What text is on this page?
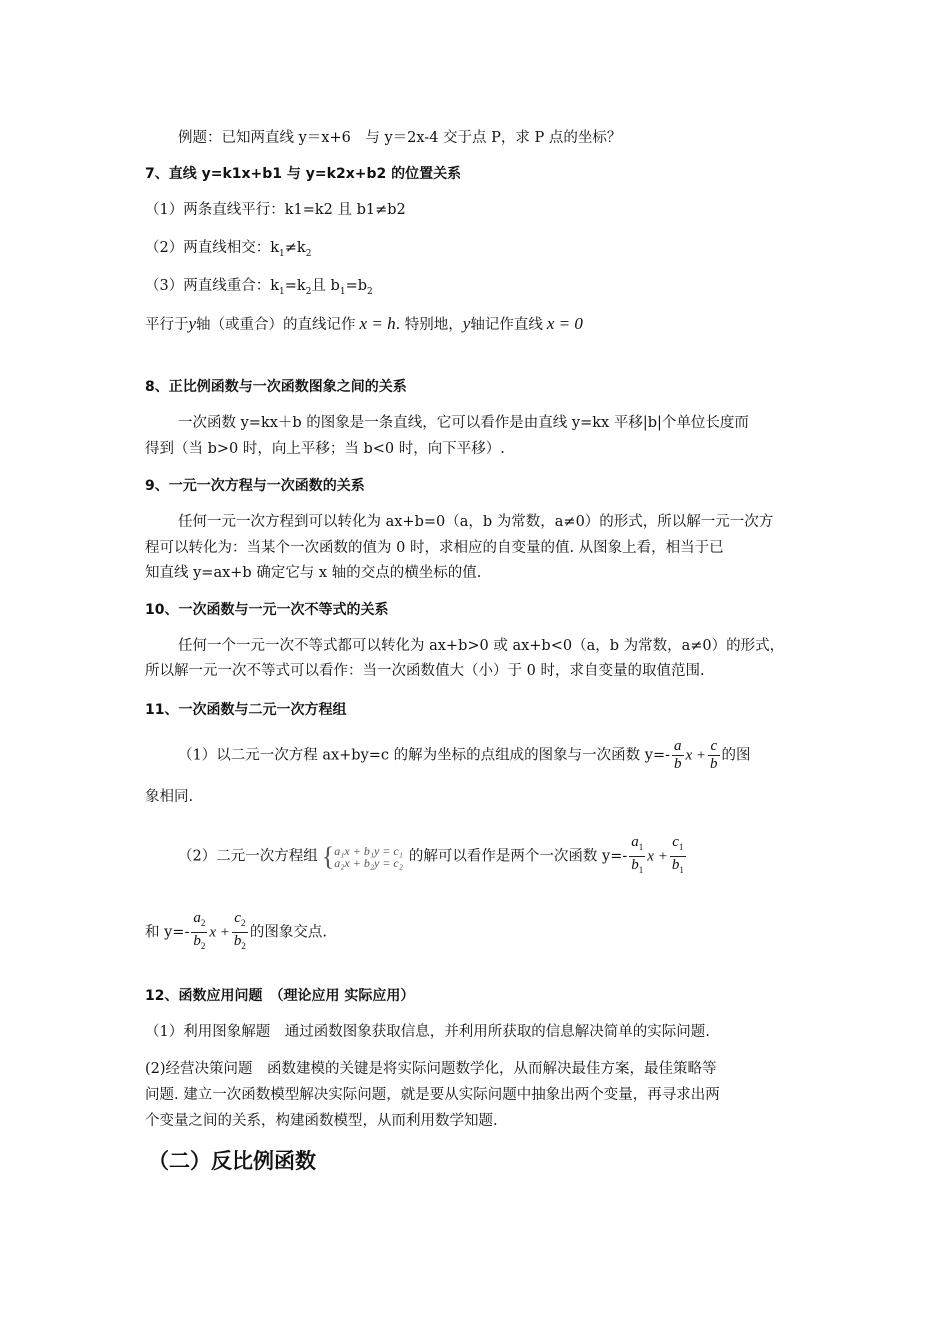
例题：已知两直线 y＝x+6　与 y＝2x-4 交于点 P，求 P 点的坐标？
7、直线 y=k1x+b1 与 y=k2x+b2 的位置关系
（1）两条直线平行：k1=k2 且 b1≠b2
（2）两直线相交：$k_1\ne k_2$
（3）两直线重合：$k_1=k_2$且 $b_1=b_2$
平行于y轴（或重合）的直线记作 x = h. 特别地，y轴记作直线 x = 0
8、正比例函数与一次函数图象之间的关系
一次函数 y=kx＋b 的图象是一条直线，它可以看作是由直线 y=kx 平移|b|个单位长度而
得到（当 b>0 时，向上平移；当 b<0 时，向下平移）.
9、一元一次方程与一次函数的关系
任何一元一次方程到可以转化为 ax+b=0（a，b 为常数，a≠0）的形式，所以解一元一次方
程可以转化为：当某个一次函数的值为 0 时，求相应的自变量的值. 从图象上看，相当于已
知直线 y=ax+b 确定它与 x 轴的交点的横坐标的值.
10、一次函数与一元一次不等式的关系
任何一个一元一次不等式都可以转化为 ax+b>0 或 ax+b<0（a，b 为常数，a≠0）的形式，
所以解一元一次不等式可以看作：当一次函数值大（小）于 0 时，求自变量的取值范围.
11、一次函数与二元一次方程组
（1）以二元一次方程 ax+by=c 的解为坐标的点组成的图象与一次函数 $y=- \frac{a}{b}$ $x + \frac{c}{b}$ 的图
象相同.
（2）二元一次方程组 { a₁x + b₁y = c₁
a₂x + b₂y = c₂ 的解可以看作是两个一次函数 $y=- \frac{a_1}{b_1}$ $x + \frac{c_1}{b_1}$
和 $y=- \frac{a_2}{b_2}$ $x + \frac{c_2}{b_2}$ 的图象交点.
12、函数应用问题　（理论应用 实际应用）
（1）利用图象解题　通过函数图象获取信息，并利用所获取的信息解决简单的实际问题.
(2)经营决策问题　函数建模的关键是将实际问题数学化，从而解决最佳方案，最佳策略等
问题. 建立一次函数模型解决实际问题，就是要从实际问题中抽象出两个变量，再寻求出两
个变量之间的关系，构建函数模型，从而利用数学知题.
（二）反比例函数
